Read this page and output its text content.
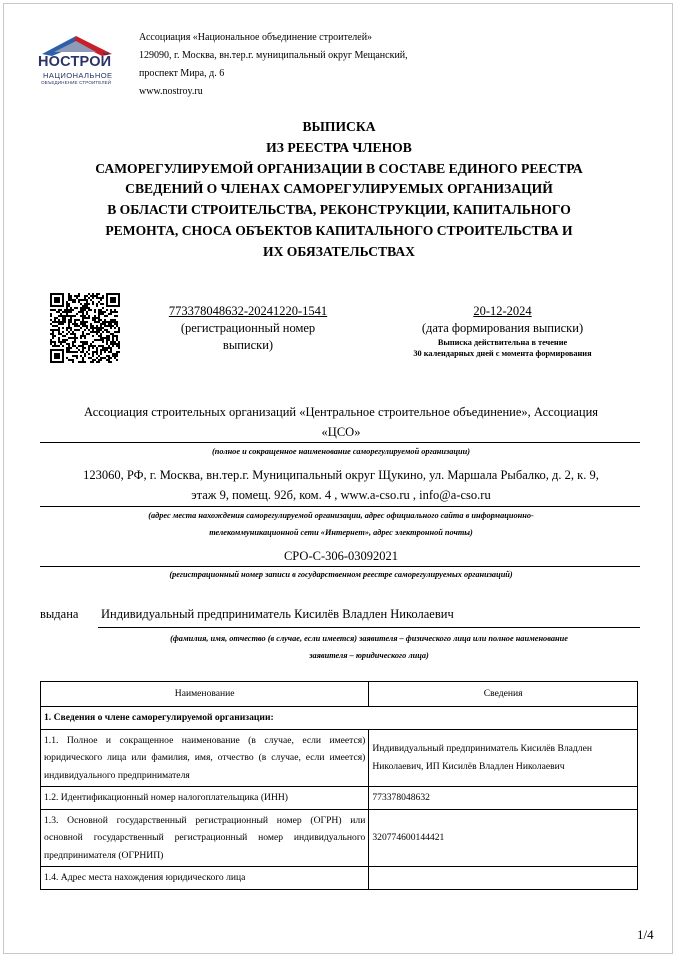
НОСТРОЙ
НАЦИОНАЛЬНОЕ
ОБЪЕДИНЕНИЕ СТРОИТЕЛЕЙ
Ассоциация «Национальное объединение строителей»
129090, г. Москва, вн.тер.г. муниципальный округ Мещанский,
проспект Мира, д. 6
www.nostroy.ru
ВЫПИСКА
ИЗ РЕЕСТРА ЧЛЕНОВ
САМОРЕГУЛИРУЕМОЙ ОРГАНИЗАЦИИ В СОСТАВЕ ЕДИНОГО РЕЕСТРА
СВЕДЕНИЙ О ЧЛЕНАХ САМОРЕГУЛИРУЕМЫХ ОРГАНИЗАЦИЙ
В ОБЛАСТИ СТРОИТЕЛЬСТВА, РЕКОНСТРУКЦИИ, КАПИТАЛЬНОГО
РЕМОНТА, СНОСА ОБЪЕКТОВ КАПИТАЛЬНОГО СТРОИТЕЛЬСТВА И
ИХ ОБЯЗАТЕЛЬСТВАХ
773378048632-20241220-1541
(регистрационный номер
выписки)
20-12-2024
(дата формирования выписки)
Выписка действительна в течение
30 календарных дней с момента формирования
Ассоциация строительных организаций «Центральное строительное объединение», Ассоциация
«ЦСО»
(полное и сокращенное наименование саморегулируемой организации)
123060, РФ, г. Москва, вн.тер.г. Муниципальный округ Щукино, ул. Маршала Рыбалко, д. 2, к. 9,
этаж 9, помещ. 92б, ком. 4 , www.a-cso.ru , info@a-cso.ru
(адрес места нахождения саморегулируемой организации, адрес официального сайта в информационно-
телекоммуникационной сети «Интернет», адрес электронной почты)
СРО-С-306-03092021
(регистрационный номер записи в государственном реестре саморегулируемых организаций)
выдана Индивидуальный предприниматель Кисилёв Владлен Николаевич
(фамилия, имя, отчество (в случае, если имеется) заявителя – физического лица или полное наименование
заявителя – юридического лица)
Наименование	Сведения
1. Сведения о члене саморегулируемой организации:	
1.1. Полное и сокращенное наименование (в случае, если имеется) юридического лица или фамилия, имя, отчество (в случае, если имеется) индивидуального предпринимателя	Индивидуальный предприниматель Кисилёв Владлен Николаевич, ИП Кисилёв Владлен Николаевич
1.2. Идентификационный номер налогоплательщика (ИНН)	773378048632
1.3. Основной государственный регистрационный номер (ОГРН) или основной государственный регистрационный номер индивидуального предпринимателя (ОГРНИП)	320774600144421
1.4. Адрес места нахождения юридического лица	
1/4
